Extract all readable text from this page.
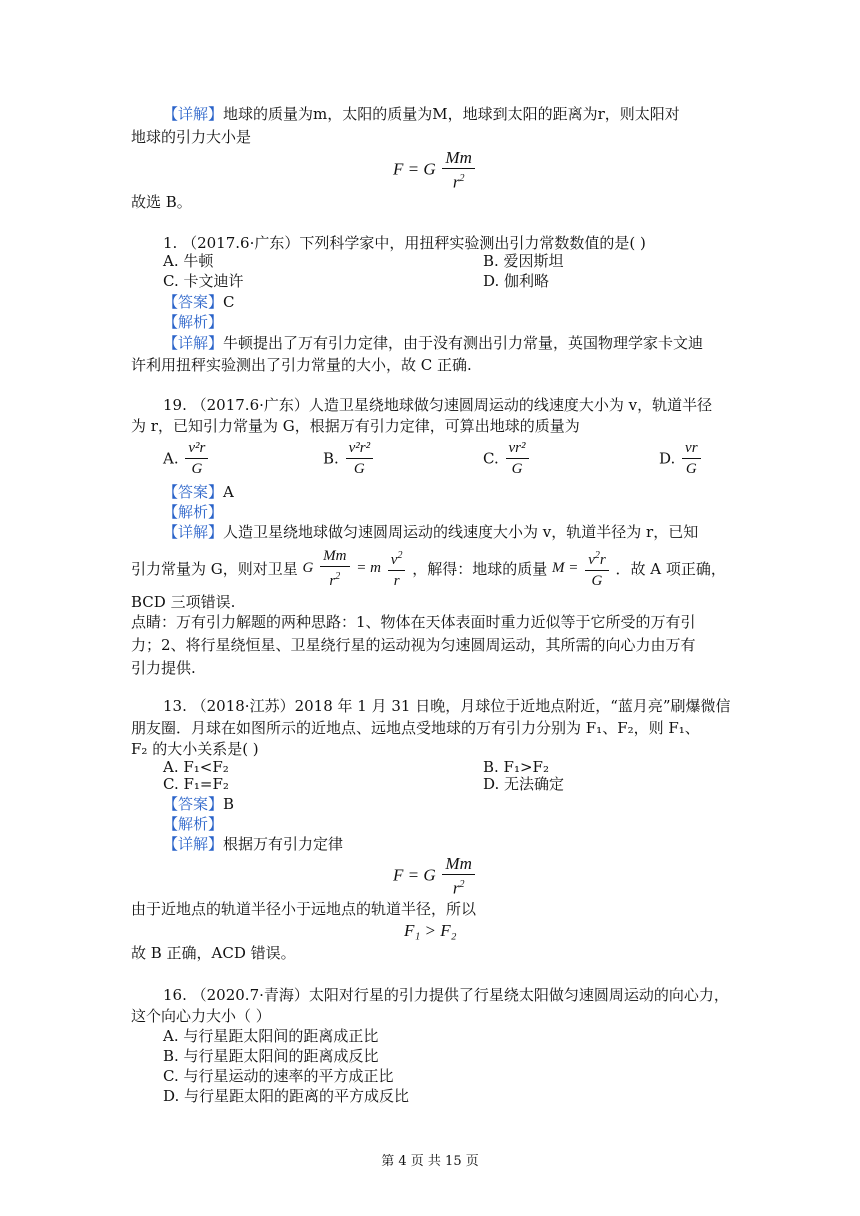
【详解】地球的质量为m，太阳的质量为M，地球到太阳的距离为r，则太阳对
地球的引力大小是
F = G $\frac{Mm}{r^2}$
故选 B。
1. （2017.6·广东）下列科学家中，用扭秤实验测出引力常数数值的是( )
A. 牛顿	B. 爱因斯坦
C. 卡文迪许	D. 伽利略
【答案】C
【解析】
【详解】牛顿提出了万有引力定律，由于没有测出引力常量，英国物理学家卡文迪
许利用扭秤实验测出了引力常量的大小，故 C 正确.
19. （2017.6·广东）人造卫星绕地球做匀速圆周运动的线速度大小为 v，轨道半径
为 r，已知引力常量为 G，根据万有引力定律，可算出地球的质量为
A. $\frac{\text{v²r}}{G}$	B. $\frac{\text{v²r²}}{G}$	C. $\frac{\text{vr²}}{G}$	D. $\frac{vr}{G}$
【答案】A
【解析】
【详解】人造卫星绕地球做匀速圆周运动的线速度大小为 v，轨道半径为 r，已知
引力常量为 G，则对卫星 G $\frac{Mm}{r^2} = m \frac{v^2}{r}$ ，解得：地球的质量 $M = \frac{v^2r}{G}$ ．故 A 项正确，
BCD 三项错误.
点睛：万有引力解题的两种思路：1、物体在天体表面时重力近似等于它所受的万有引
力；2、将行星绕恒星、卫星绕行星的运动视为匀速圆周运动，其所需的向心力由万有
引力提供.
13. （2018·江苏）2018 年 1 月 31 日晚，月球位于近地点附近，“蓝月亮”刷爆微信
朋友圈．月球在如图所示的近地点、远地点受地球的万有引力分别为 F₁、F₂，则 F₁、
F₂ 的大小关系是( )
A. F₁<F₂	B. F₁>F₂
C. F₁=F₂	D. 无法确定
【答案】B
【解析】
【详解】根据万有引力定律
F = G $\frac{Mm}{r^2}$
由于近地点的轨道半径小于远地点的轨道半径，所以
F₁ > F₂
故 B 正确，ACD 错误。
16. （2020.7·青海）太阳对行星的引力提供了行星绕太阳做匀速圆周运动的向心力，
这个向心力大小（ ）
A. 与行星距太阳间的距离成正比
B. 与行星距太阳间的距离成反比
C. 与行星运动的速率的平方成正比
D. 与行星距太阳的距离的平方成反比
第 4 页 共 15 页
